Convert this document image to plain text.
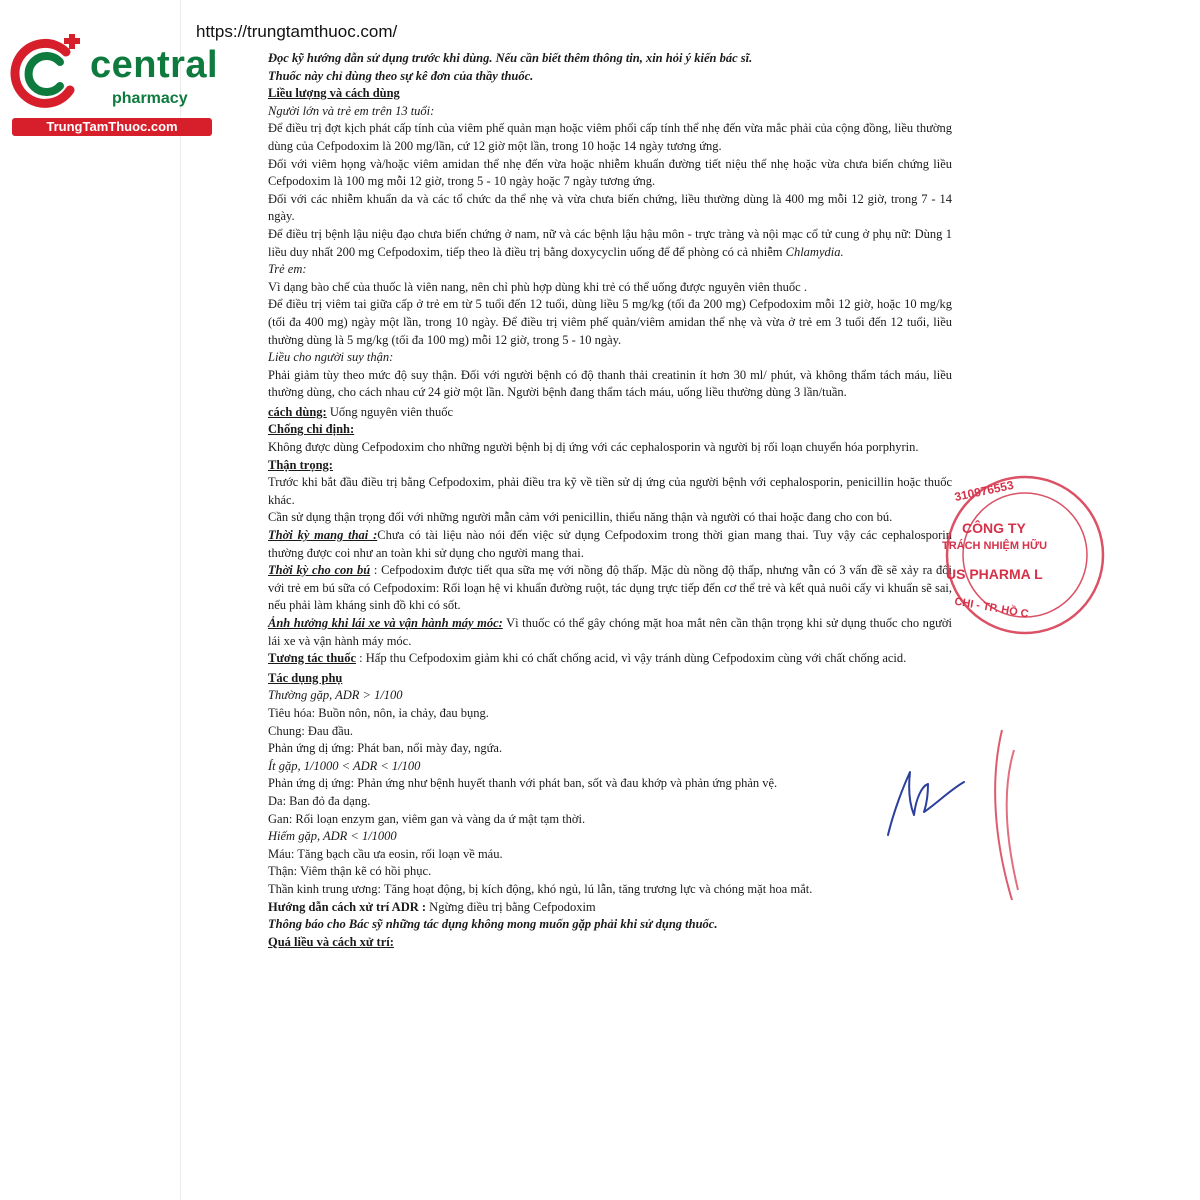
https://trungtamthuoc.com/
central
pharmacy
TrungTamThuoc.com

Đọc kỹ hướng dẫn sử dụng trước khi dùng. Nếu cần biết thêm thông tin, xin hỏi ý kiến bác sĩ.

Thuốc này chỉ dùng theo sự kê đơn của thầy thuốc.

Liều lượng và cách dùng

Người lớn và trẻ em trên 13 tuổi:

Để điều trị đợt kịch phát cấp tính của viêm phế quản mạn hoặc viêm phổi cấp tính thể nhẹ đến vừa mắc phải của cộng đồng, liều thường dùng của Cefpodoxim là 200 mg/lần, cứ 12 giờ một lần, trong 10 hoặc 14 ngày tương ứng.

Đối với viêm họng và/hoặc viêm amidan thể nhẹ đến vừa hoặc nhiễm khuẩn đường tiết niệu thể nhẹ hoặc vừa chưa biến chứng liều Cefpodoxim là 100 mg mỗi 12 giờ, trong 5 - 10 ngày hoặc 7 ngày tương ứng.

Đối với các nhiễm khuẩn da và các tổ chức da thể nhẹ và vừa chưa biến chứng, liều thường dùng là 400 mg mỗi 12 giờ, trong 7 - 14 ngày.

Để điều trị bệnh lậu niệu đạo chưa biến chứng ở nam, nữ và các bệnh lậu hậu môn - trực tràng và nội mạc cổ tử cung ở phụ nữ: Dùng 1 liều duy nhất 200 mg Cefpodoxim, tiếp theo là điều trị bằng doxycyclin uống để để phòng có cả nhiễm Chlamydia.

Trẻ em:

Vì dạng bào chế của thuốc là viên nang, nên chỉ phù hợp dùng khi trẻ có thể uống được nguyên viên thuốc .

Để điều trị viêm tai giữa cấp ở trẻ em từ 5 tuổi đến 12 tuổi, dùng liều 5 mg/kg (tối đa 200 mg) Cefpodoxim mỗi 12 giờ, hoặc 10 mg/kg (tối đa 400 mg) ngày một lần, trong 10 ngày. Để điều trị viêm phế quản/viêm amidan thể nhẹ và vừa ở trẻ em 3 tuổi đến 12 tuổi, liều thường dùng là 5 mg/kg (tối đa 100 mg) mỗi 12 giờ, trong 5 - 10 ngày.

Liều cho người suy thận:

Phải giảm tùy theo mức độ suy thận. Đối với người bệnh có độ thanh thải creatinin ít hơn 30 ml/ phút, và không thẩm tách máu, liều thường dùng, cho cách nhau cứ 24 giờ một lần. Người bệnh đang thẩm tách máu, uống liều thường dùng 3 lần/tuần.

cách dùng: Uống nguyên viên thuốc

Chống chỉ định:

Không được dùng Cefpodoxim cho những người bệnh bị dị ứng với các cephalosporin và người bị rối loạn chuyển hóa porphyrin.

Thận trọng:

Trước khi bắt đầu điều trị bằng Cefpodoxim, phải điều tra kỹ về tiền sử dị ứng của người bệnh với cephalosporin, penicillin hoặc thuốc khác.

Cần sử dụng thận trọng đối với những người mẫn cảm với penicillin, thiểu năng thận và người có thai hoặc đang cho con bú.

Thời kỳ mang thai :Chưa có tài liệu nào nói đến việc sử dụng Cefpodoxim trong thời gian mang thai. Tuy vậy các cephalosporin thường được coi như an toàn khi sử dụng cho người mang thai.

Thời kỳ cho con bú : Cefpodoxim được tiết qua sữa mẹ với nồng độ thấp. Mặc dù nồng độ thấp, nhưng vẫn có 3 vấn đề sẽ xảy ra đối với trẻ em bú sữa có Cefpodoxim: Rối loạn hệ vi khuẩn đường ruột, tác dụng trực tiếp đến cơ thể trẻ và kết quả nuôi cấy vi khuẩn sẽ sai, nếu phải làm kháng sinh đồ khi có sốt.

Ảnh hưởng khi lái xe và vận hành máy móc: Vì thuốc có thể gây chóng mặt hoa mắt nên cần thận trọng khi sử dụng thuốc cho người lái xe và vận hành máy móc.

Tương tác thuốc : Hấp thu Cefpodoxim giảm khi có chất chống acid, vì vậy tránh dùng Cefpodoxim cùng với chất chống acid.

Tác dụng phụ

Thường gặp, ADR > 1/100

Tiêu hóa: Buồn nôn, nôn, ỉa chảy, đau bụng.

Chung: Đau đầu.

Phản ứng dị ứng: Phát ban, nổi mày đay, ngứa.

Ít gặp, 1/1000 < ADR < 1/100

Phản ứng dị ứng: Phản ứng như bệnh huyết thanh với phát ban, sốt và đau khớp và phản ứng phản vệ.

Da: Ban đỏ đa dạng.

Gan: Rối loạn enzym gan, viêm gan và vàng da ứ mật tạm thời.

Hiếm gặp, ADR < 1/1000

Máu: Tăng bạch cầu ưa eosin, rối loạn về máu.

Thận: Viêm thận kẽ có hồi phục.

Thần kinh trung ương: Tăng hoạt động, bị kích động, khó ngủ, lú lẫn, tăng trương lực và chóng mặt hoa mắt.

Hướng dẫn cách xử trí ADR : Ngừng điều trị bằng Cefpodoxim

Thông báo cho Bác sỹ những tác dụng không mong muốn gặp phải khi sử dụng thuốc.

Quá liều và cách xử trí:

310976553
CÔNG TY
TRÁCH NHIỆM HỮU
US PHARMA L
CHI - TP. HỒ C
